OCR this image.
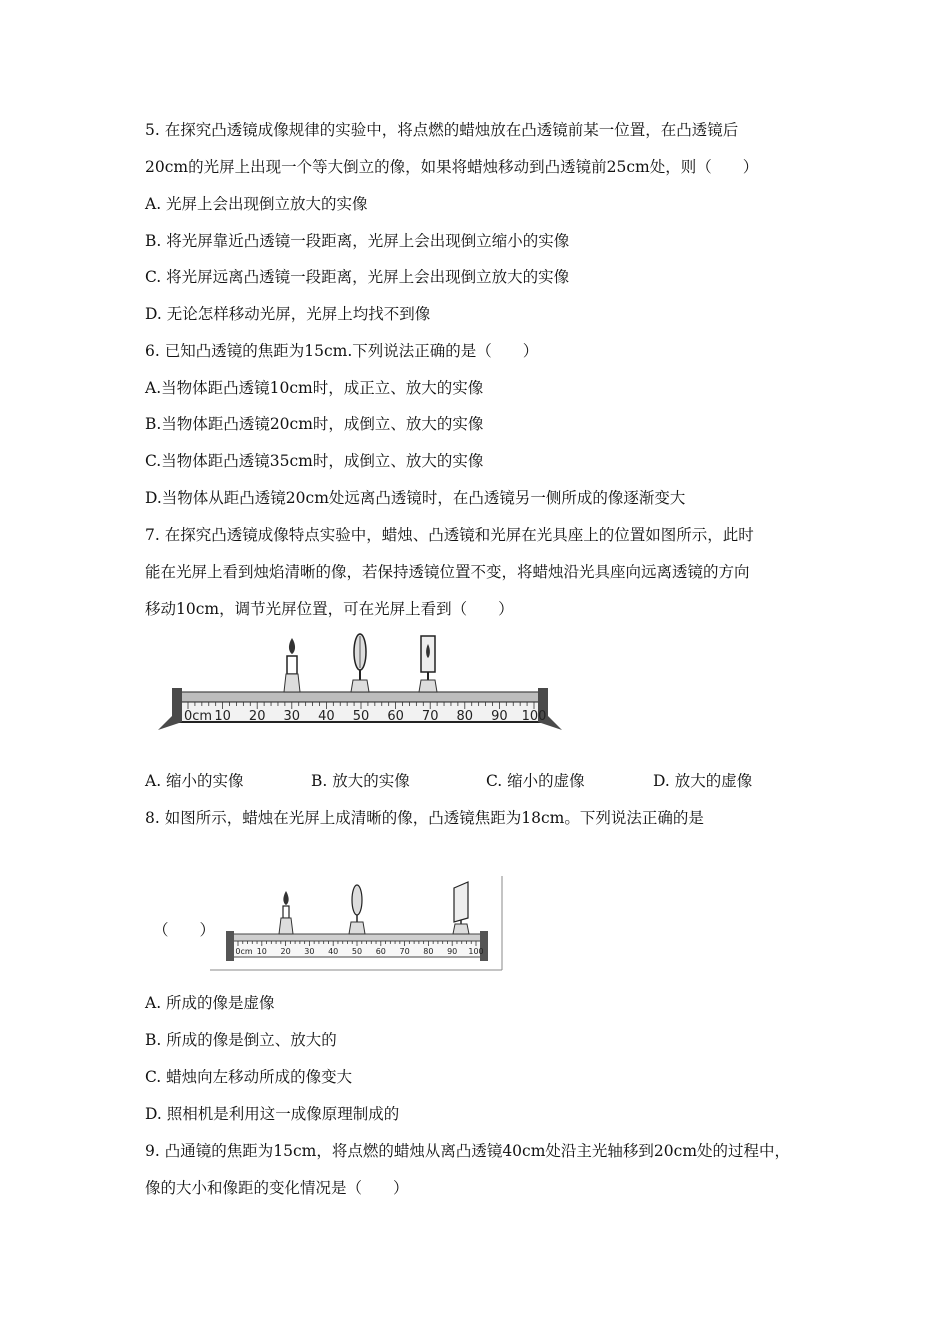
5. 在探究凸透镜成像规律的实验中，将点燃的蜡烛放在凸透镜前某一位置，在凸透镜后
20cm的光屏上出现一个等大倒立的像，如果将蜡烛移动到凸透镜前25cm处，则（　　）
A. 光屏上会出现倒立放大的实像
B. 将光屏靠近凸透镜一段距离，光屏上会出现倒立缩小的实像
C. 将光屏远离凸透镜一段距离，光屏上会出现倒立放大的实像
D. 无论怎样移动光屏，光屏上均找不到像
6. 已知凸透镜的焦距为15cm.下列说法正确的是（　　）
A.当物体距凸透镜10cm时，成正立、放大的实像
B.当物体距凸透镜20cm时，成倒立、放大的实像
C.当物体距凸透镜35cm时，成倒立、放大的实像
D.当物体从距凸透镜20cm处远离凸透镜时，在凸透镜另一侧所成的像逐渐变大
7. 在探究凸透镜成像特点实验中，蜡烛、凸透镜和光屏在光具座上的位置如图所示，此时
能在光屏上看到烛焰清晰的像，若保持透镜位置不变，将蜡烛沿光具座向远离透镜的方向
移动10cm，调节光屏位置，可在光屏上看到（　　）
0cm 10 20 30 40 50 60 70 80 90 100
A. 缩小的实像	B. 放大的实像	C. 缩小的虚像	D. 放大的虚像
8. 如图所示，蜡烛在光屏上成清晰的像，凸透镜焦距为18cm。下列说法正确的是
（　　）
0cm 10 20 30 40 50 60 70 80 90 100
A. 所成的像是虚像
B. 所成的像是倒立、放大的
C. 蜡烛向左移动所成的像变大
D. 照相机是利用这一成像原理制成的
9. 凸通镜的焦距为15cm，将点燃的蜡烛从离凸透镜40cm处沿主光轴移到20cm处的过程中，
像的大小和像距的变化情况是（　　）
